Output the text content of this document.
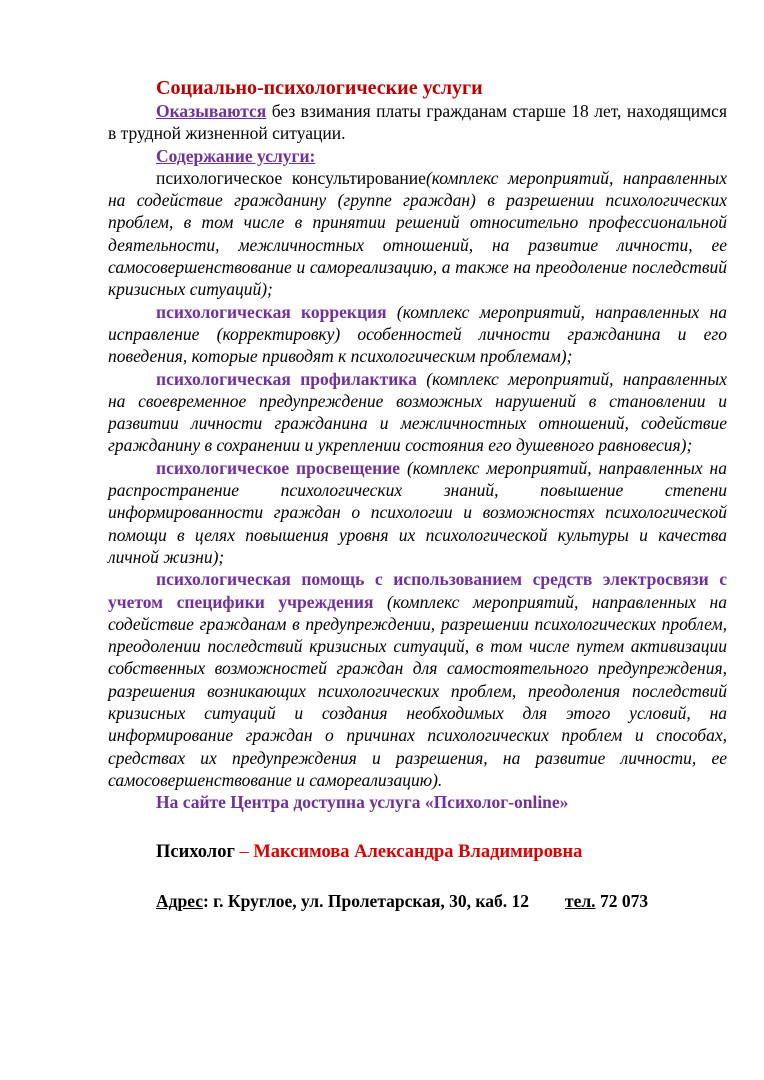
Социально-психологические услуги

Оказываются без взимания платы гражданам старше 18 лет, находящимся в трудной жизненной ситуации.

Содержание услуги:

психологическое консультирование(комплекс мероприятий, направленных на содействие гражданину (группе граждан) в разрешении психологических проблем, в том числе в принятии решений относительно профессиональной деятельности, межличностных отношений, на развитие личности, ее самосовершенствование и самореализацию, а также на преодоление последствий кризисных ситуаций);

психологическая коррекция (комплекс мероприятий, направленных на исправление (корректировку) особенностей личности гражданина и его поведения, которые приводят к психологическим проблемам);

психологическая профилактика (комплекс мероприятий, направленных на своевременное предупреждение возможных нарушений в становлении и развитии личности гражданина и межличностных отношений, содействие гражданину в сохранении и укреплении состояния его душевного равновесия);

психологическое просвещение (комплекс мероприятий, направленных на распространение психологических знаний, повышение степени информированности граждан о психологии и возможностях психологической помощи в целях повышения уровня их психологической культуры и качества личной жизни);

психологическая помощь с использованием средств электросвязи с учетом специфики учреждения (комплекс мероприятий, направленных на содействие гражданам в предупреждении, разрешении психологических проблем, преодолении последствий кризисных ситуаций, в том числе путем активизации собственных возможностей граждан для самостоятельного предупреждения, разрешения возникающих психологических проблем, преодоления последствий кризисных ситуаций и создания необходимых для этого условий, на информирование граждан о причинах психологических проблем и способах, средствах их предупреждения и разрешения, на развитие личности, ее самосовершенствование и самореализацию).

На сайте Центра доступна услуга «Психолог-online»

Психолог – Максимова Александра Владимировна
Адрес: г. Круглое, ул. Пролетарская, 30, каб. 12 тел. 72 073
